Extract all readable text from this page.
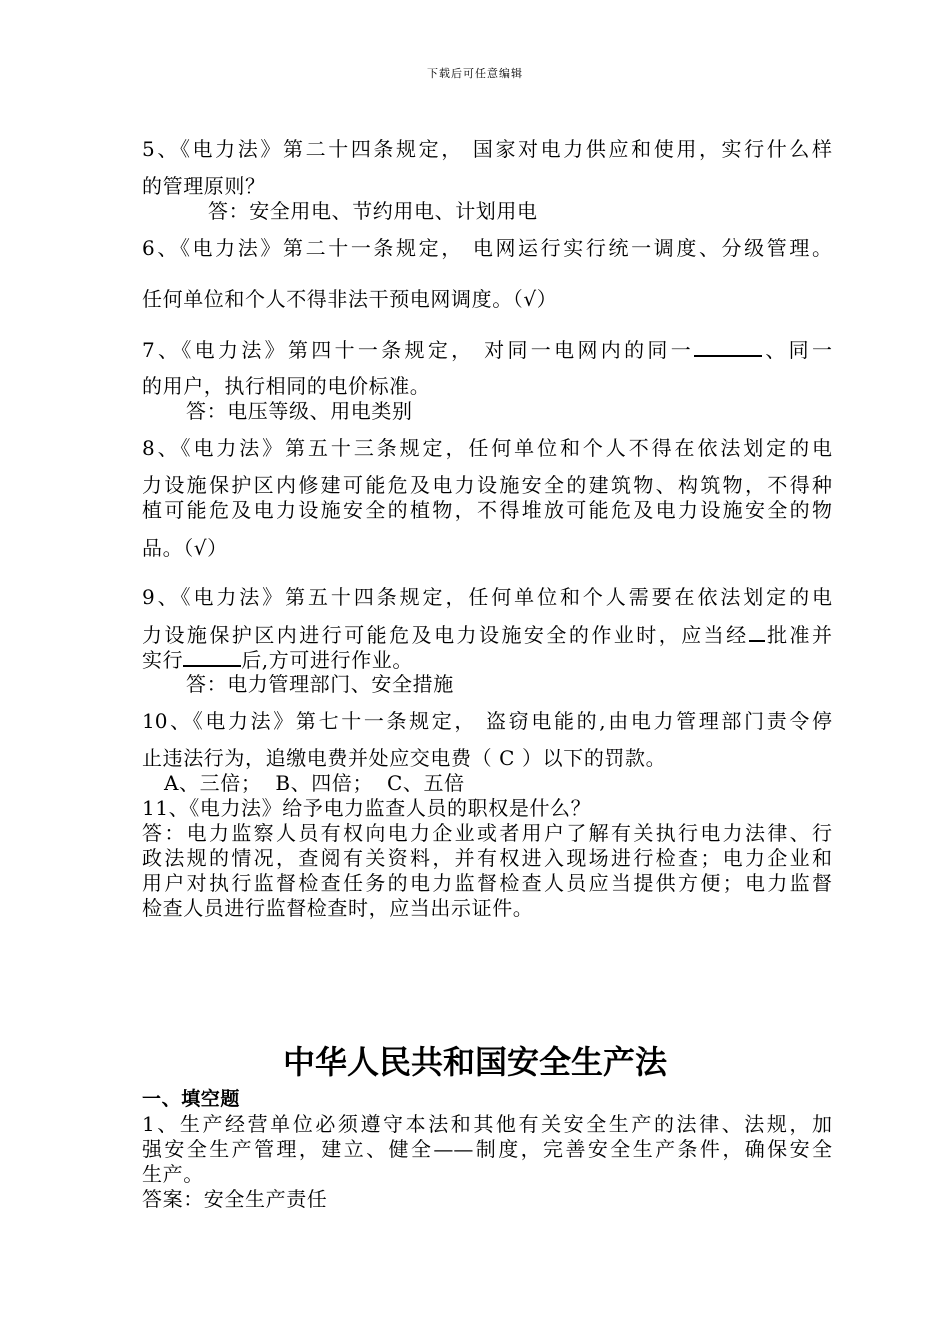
下载后可任意编辑
5、《电力法》第二十四条规定， 国家对电力供应和使用，实行什么样
的管理原则？
答：安全用电、节约用电、计划用电
6、《电力法》第二十一条规定， 电网运行实行统一调度、分级管理。
任何单位和个人不得非法干预电网调度。（√）
7、《电力法》第四十一条规定， 对同一电网内的同一	、同一
的用户，执行相同的电价标准。
答：电压等级、用电类别
8、《电力法》第五十三条规定，任何单位和个人不得在依法划定的电
力设施保护区内修建可能危及电力设施安全的建筑物、构筑物，不得种
植可能危及电力设施安全的植物，不得堆放可能危及电力设施安全的物
品。（√）
9、《电力法》第五十四条规定，任何单位和个人需要在依法划定的电
力设施保护区内进行可能危及电力设施安全的作业时，应当经 批准并
实行	后,方可进行作业。
答：电力管理部门、安全措施
10、《电力法》第七十一条规定， 盗窃电能的,由电力管理部门责令停
止违法行为，追缴电费并处应交电费（ C ）以下的罚款。
A、三倍；  B、四倍；  C、五倍
11、《电力法》给予电力监查人员的职权是什么？
答：电力监察人员有权向电力企业或者用户了解有关执行电力法律、行
政法规的情况，查阅有关资料，并有权进入现场进行检查；电力企业和
用户对执行监督检查任务的电力监督检查人员应当提供方便；电力监督
检查人员进行监督检查时，应当出示证件。
中华人民共和国安全生产法
一、填空题
1、生产经营单位必须遵守本法和其他有关安全生产的法律、法规，加
强安全生产管理，建立、健全——制度，完善安全生产条件，确保安全
生产。
答案：安全生产责任
